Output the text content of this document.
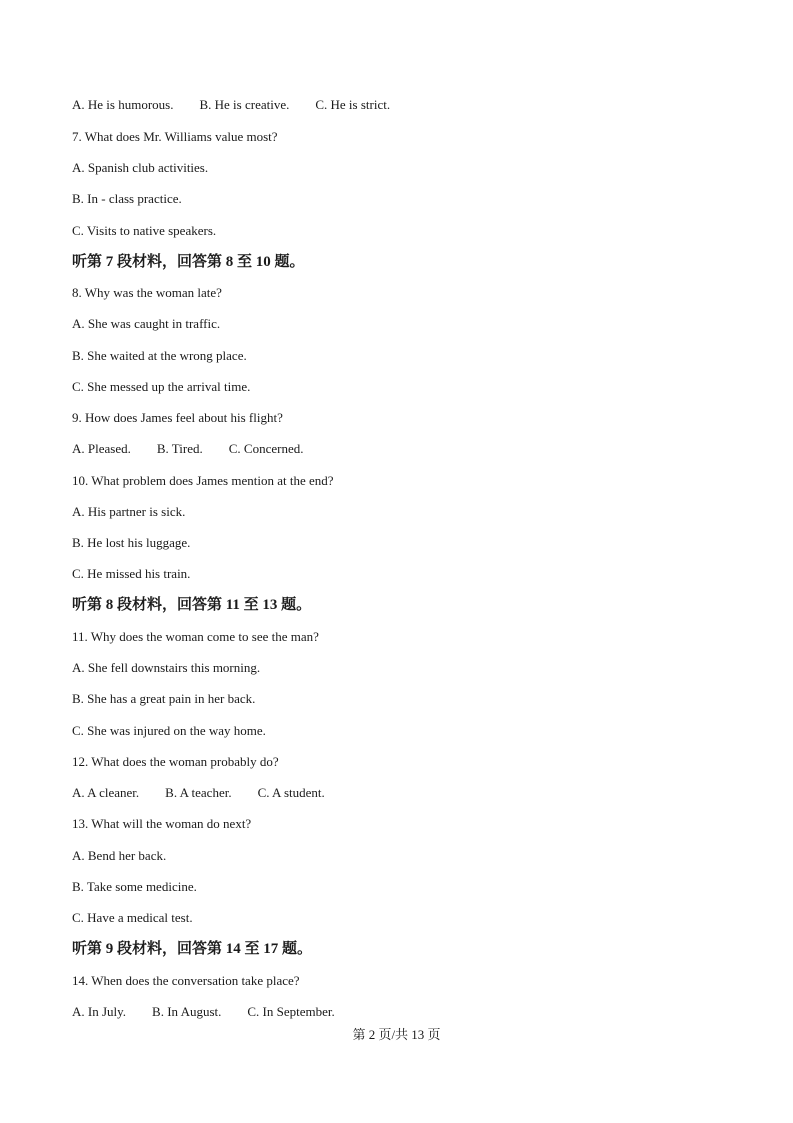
A. He is humorous.        B. He is creative.        C. He is strict.
7. What does Mr. Williams value most?
A. Spanish club activities.
B. In - class practice.
C. Visits to native speakers.
听第 7 段材料，回答第 8 至 10 题。
8. Why was the woman late?
A. She was caught in traffic.
B. She waited at the wrong place.
C. She messed up the arrival time.
9. How does James feel about his flight?
A. Pleased.        B. Tired.        C. Concerned.
10. What problem does James mention at the end?
A. His partner is sick.
B. He lost his luggage.
C. He missed his train.
听第 8 段材料，回答第 11 至 13 题。
11. Why does the woman come to see the man?
A. She fell downstairs this morning.
B. She has a great pain in her back.
C. She was injured on the way home.
12. What does the woman probably do?
A. A cleaner.        B. A teacher.        C. A student.
13. What will the woman do next?
A. Bend her back.
B. Take some medicine.
C. Have a medical test.
听第 9 段材料，回答第 14 至 17 题。
14. When does the conversation take place?
A. In July.        B. In August.        C. In September.
第 2 页/共 13 页
